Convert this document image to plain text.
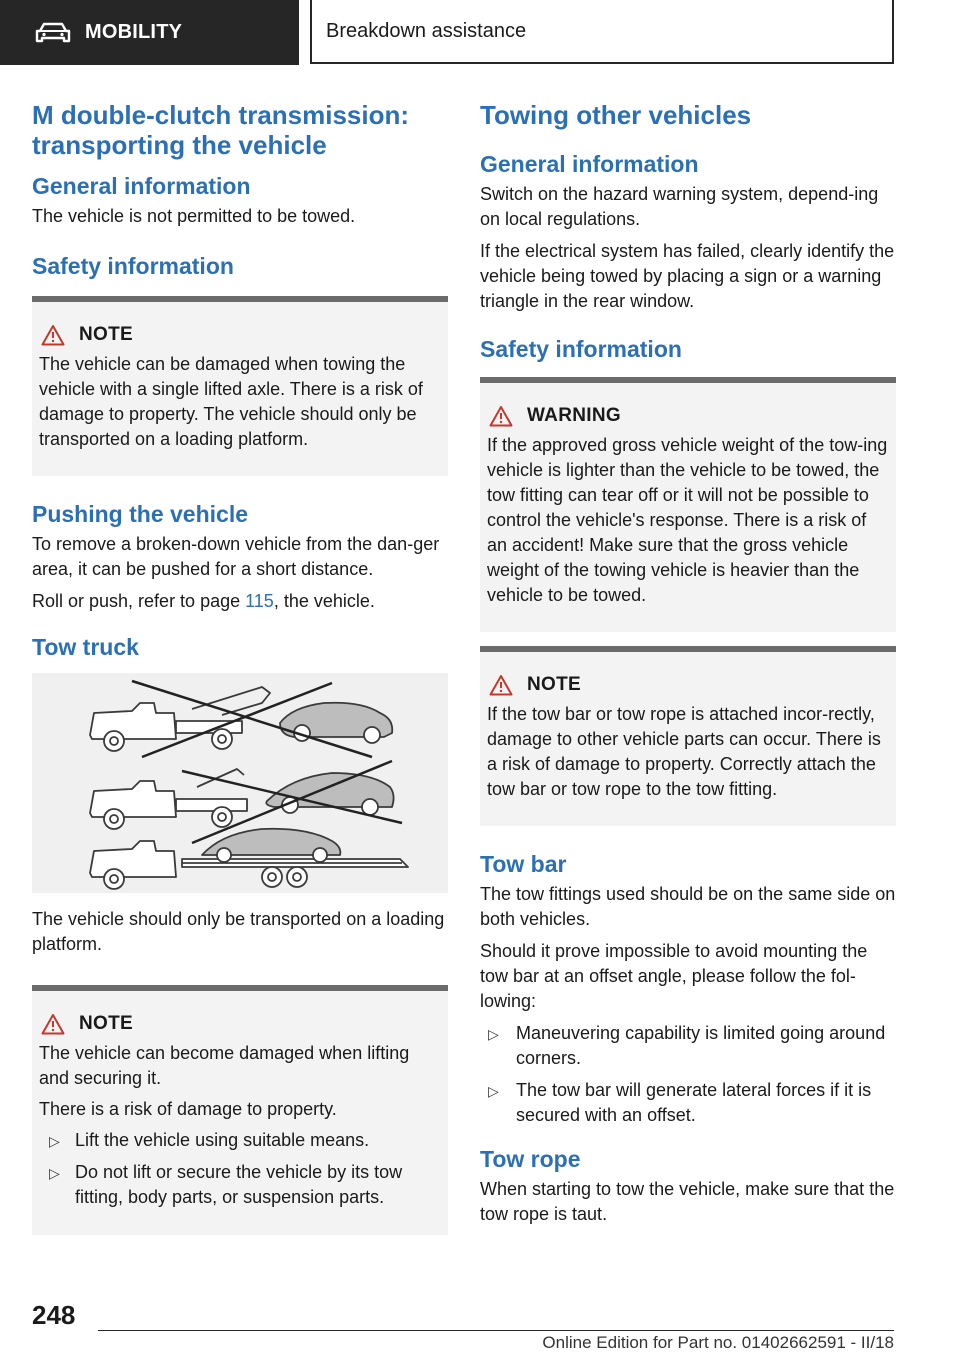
MOBILITY	Breakdown assistance
M double-clutch transmission: transporting the vehicle
General information

The vehicle is not permitted to be towed.

Safety information
NOTE

The vehicle can be damaged when towing the vehicle with a single lifted axle. There is a risk of damage to property. The vehicle should only be transported on a loading platform.

Pushing the vehicle

To remove a broken-down vehicle from the dan-ger area, it can be pushed for a short distance.

Roll or push, refer to page 115, the vehicle.

Tow truck

The vehicle should only be transported on a loading platform.

NOTE

The vehicle can become damaged when lifting and securing it.

There is a risk of damage to property.

▷ Lift the vehicle using suitable means.
▷ Do not lift or secure the vehicle by its tow fitting, body parts, or suspension parts.
Towing other vehicles
General information

Switch on the hazard warning system, depend-ing on local regulations.

If the electrical system has failed, clearly identify the vehicle being towed by placing a sign or a warning triangle in the rear window.

Safety information
WARNING

If the approved gross vehicle weight of the tow-ing vehicle is lighter than the vehicle to be towed, the tow fitting can tear off or it will not be possible to control the vehicle's response. There is a risk of an accident! Make sure that the gross vehicle weight of the towing vehicle is heavier than the vehicle to be towed.

NOTE

If the tow bar or tow rope is attached incor-rectly, damage to other vehicle parts can occur. There is a risk of damage to property. Correctly attach the tow bar or tow rope to the tow fitting.

Tow bar

The tow fittings used should be on the same side on both vehicles.

Should it prove impossible to avoid mounting the tow bar at an offset angle, please follow the fol-lowing:

▷ Maneuvering capability is limited going around corners.
▷ The tow bar will generate lateral forces if it is secured with an offset.
Tow rope

When starting to tow the vehicle, make sure that the tow rope is taut.

248
Online Edition for Part no. 01402662591 - II/18
